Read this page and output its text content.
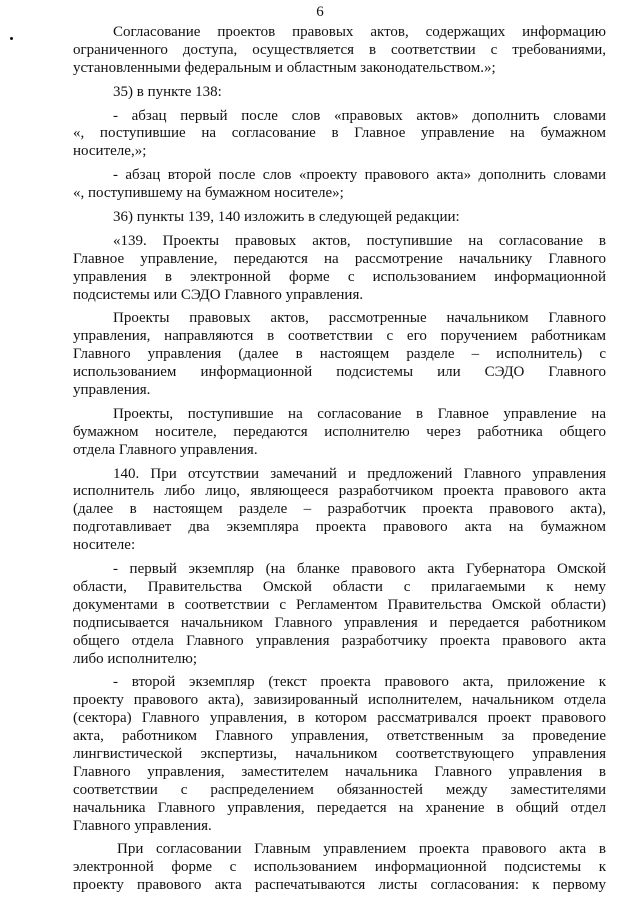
6
Согласование проектов правовых актов, содержащих информацию
ограниченного доступа, осуществляется в соответствии с требованиями,
установленными федеральным и областным законодательством.»;
35) в пункте 138:
- абзац первый после слов «правовых актов» дополнить словами
«, поступившие на согласование в Главное управление на бумажном
носителе,»;
- абзац второй после слов «проекту правового акта» дополнить словами
«, поступившему на бумажном носителе»;
36) пункты 139, 140 изложить в следующей редакции:
«139. Проекты правовых актов, поступившие на согласование в
Главное управление, передаются на рассмотрение начальнику Главного
управления в электронной форме с использованием информационной
подсистемы или СЭДО Главного управления.
Проекты правовых актов, рассмотренные начальником Главного
управления, направляются в соответствии с его поручением работникам
Главного управления (далее в настоящем разделе – исполнитель) с
использованием информационной подсистемы или СЭДО Главного
управления.
Проекты, поступившие на согласование в Главное управление на
бумажном носителе, передаются исполнителю через работника общего
отдела Главного управления.
140. При отсутствии замечаний и предложений Главного управления
исполнитель либо лицо, являющееся разработчиком проекта правового акта
(далее в настоящем разделе – разработчик проекта правового акта),
подготавливает два экземпляра проекта правового акта на бумажном
носителе:
- первый экземпляр (на бланке правового акта Губернатора Омской
области, Правительства Омской области с прилагаемыми к нему
документами в соответствии с Регламентом Правительства Омской области)
подписывается начальником Главного управления и передается работником
общего отдела Главного управления разработчику проекта правового акта
либо исполнителю;
- второй экземпляр (текст проекта правового акта, приложение к
проекту правового акта), завизированный исполнителем, начальником отдела
(сектора) Главного управления, в котором рассматривался проект правового
акта, работником Главного управления, ответственным за проведение
лингвистической экспертизы, начальником соответствующего управления
Главного управления, заместителем начальника Главного управления в
соответствии с распределением обязанностей между заместителями
начальника Главного управления, передается на хранение в общий отдел
Главного управления.
При согласовании Главным управлением проекта правового акта в
электронной форме с использованием информационной подсистемы к
проекту правового акта распечатываются листы согласования: к первому
